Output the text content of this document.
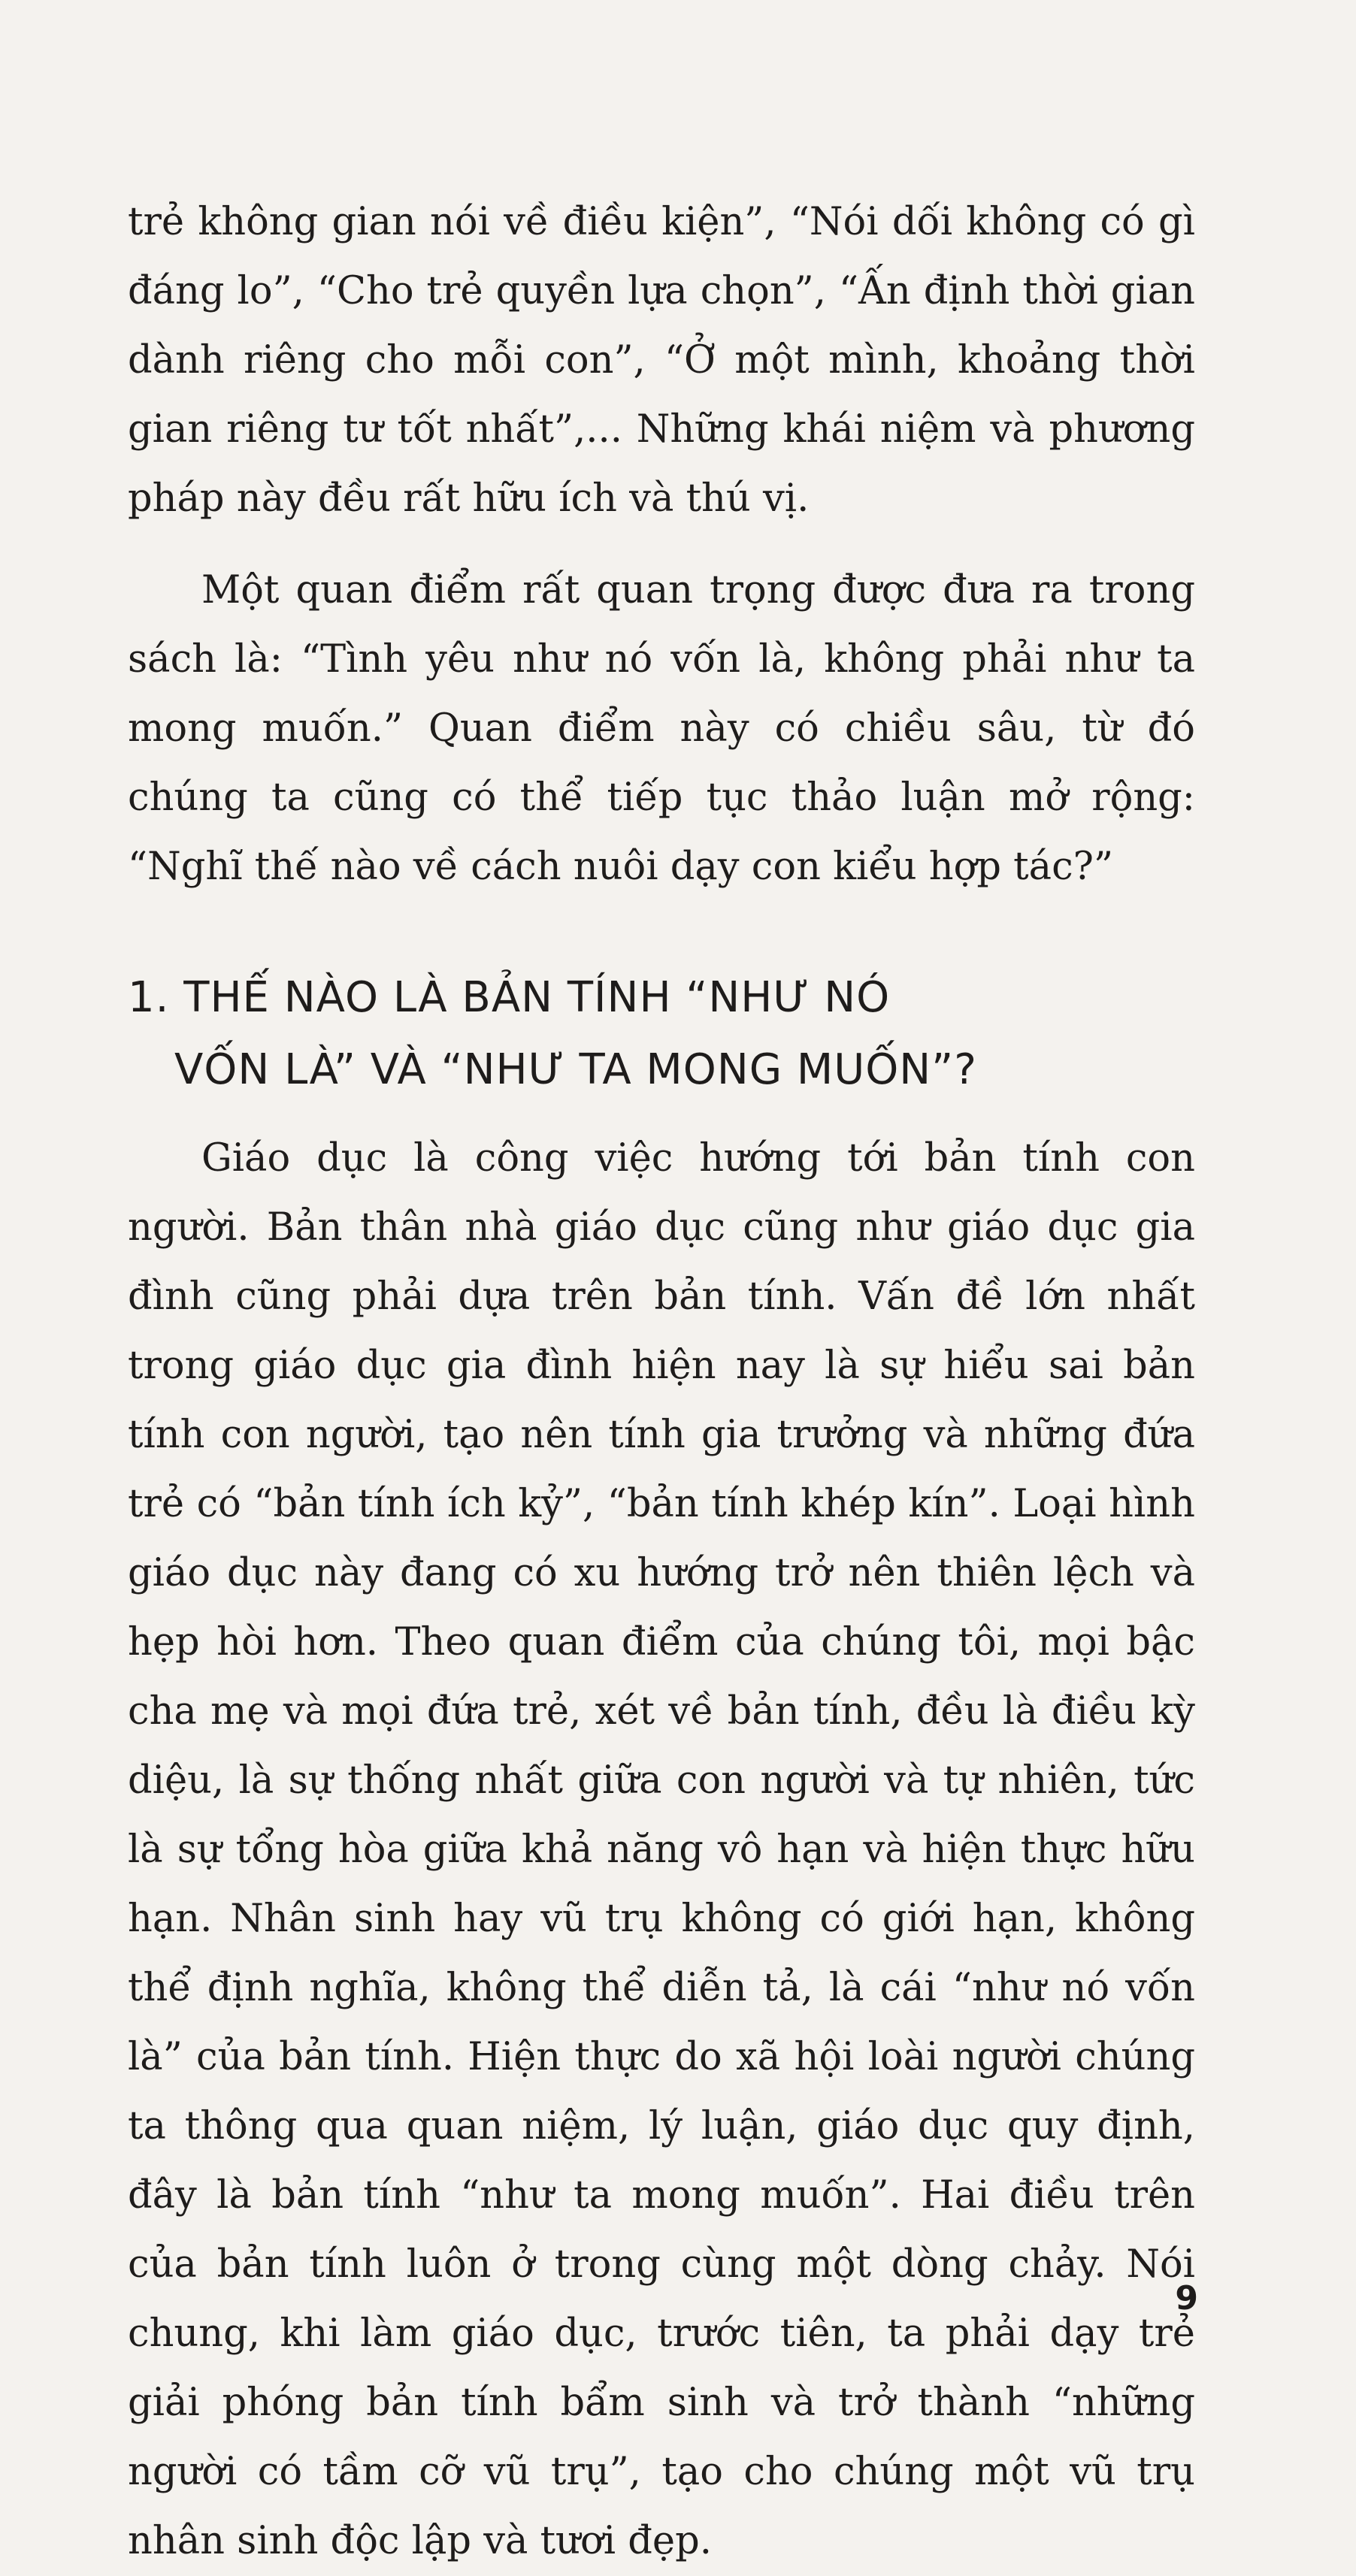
trẻ không gian nói về điều kiện”, “Nói dối không có gì đáng lo”, “Cho trẻ quyền lựa chọn”, “Ấn định thời gian dành riêng cho mỗi con”, “Ở một mình, khoảng thời gian riêng tư tốt nhất”,... Những khái niệm và phương pháp này đều rất hữu ích và thú vị.

Một quan điểm rất quan trọng được đưa ra trong sách là: “Tình yêu như nó vốn là, không phải như ta mong muốn.” Quan điểm này có chiều sâu, từ đó chúng ta cũng có thể tiếp tục thảo luận mở rộng: “Nghĩ thế nào về cách nuôi dạy con kiểu hợp tác?”

1. THẾ NÀO LÀ BẢN TÍNH “NHƯ NÓ
VỐN LÀ” VÀ “NHƯ TA MONG MUỐN”?

Giáo dục là công việc hướng tới bản tính con người. Bản thân nhà giáo dục cũng như giáo dục gia đình cũng phải dựa trên bản tính. Vấn đề lớn nhất trong giáo dục gia đình hiện nay là sự hiểu sai bản tính con người, tạo nên tính gia trưởng và những đứa trẻ có “bản tính ích kỷ”, “bản tính khép kín”. Loại hình giáo dục này đang có xu hướng trở nên thiên lệch và hẹp hòi hơn. Theo quan điểm của chúng tôi, mọi bậc cha mẹ và mọi đứa trẻ, xét về bản tính, đều là điều kỳ diệu, là sự thống nhất giữa con người và tự nhiên, tức là sự tổng hòa giữa khả năng vô hạn và hiện thực hữu hạn. Nhân sinh hay vũ trụ không có giới hạn, không thể định nghĩa, không thể diễn tả, là cái “như nó vốn là” của bản tính. Hiện thực do xã hội loài người chúng ta thông qua quan niệm, lý luận, giáo dục quy định, đây là bản tính “như ta mong muốn”. Hai điều trên của bản tính luôn ở trong cùng một dòng chảy. Nói chung, khi làm giáo dục, trước tiên, ta phải dạy trẻ giải phóng bản tính bẩm sinh và trở thành “những người có tầm cỡ vũ trụ”, tạo cho chúng một vũ trụ nhân sinh độc lập và tươi đẹp.

9
